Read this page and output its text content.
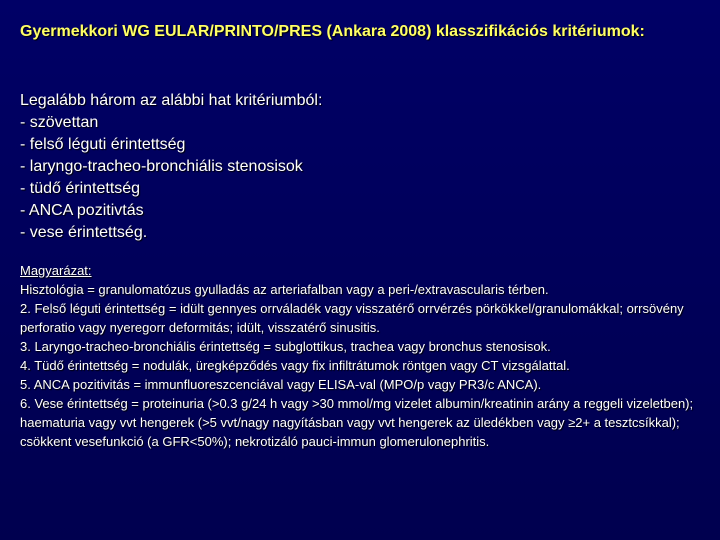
Gyermekkori WG EULAR/PRINTO/PRES (Ankara 2008) klasszifikációs kritériumok:
Legalább három az alábbi hat kritériumból:
- szövettan
- felső léguti érintettség
- laryngo-tracheo-bronchiális stenosisok
- tüdő érintettség
- ANCA pozitivtás
- vese érintettség.
Magyarázat:
Hisztológia = granulomatózus gyulladás az arteriafalban vagy a peri-/extravascularis térben.
2. Felső léguti érintettség = idült gennyes orrváladék vagy visszatérő orrvérzés pörkökkel/granulomákkal; orrsövény perforatio vagy nyeregorr deformitás; idült, visszatérő sinusitis.
3. Laryngo-tracheo-bronchiális érintettség = subglottikus, trachea vagy bronchus stenosisok.
4. Tüdő érintettség = nodulák, üregképződés vagy fix infiltrátumok röntgen vagy CT vizsgálattal.
5. ANCA pozitivitás = immunfluoreszcenciával vagy ELISA-val (MPO/p vagy PR3/c ANCA).
6. Vese érintettség = proteinuria (>0.3 g/24 h vagy >30 mmol/mg vizelet albumin/kreatinin arány a reggeli vizeletben); haematuria vagy vvt hengerek (>5 vvt/nagy nagyításban vagy vvt hengerek az üledékben vagy ≥2+ a tesztcsíkkal); csökkent vesefunkció (a GFR<50%); nekrotizáló pauci-immun glomerulonephritis.
